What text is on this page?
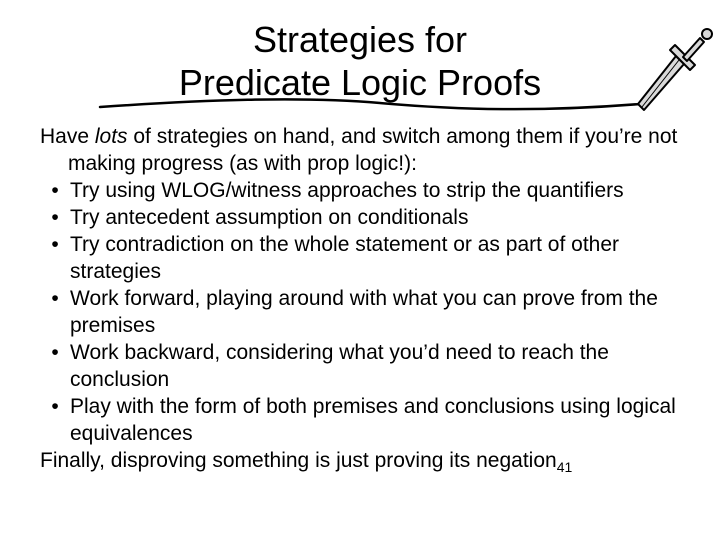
Strategies for
Predicate Logic Proofs

Have lots of strategies on hand, and switch among them if you’re not making progress (as with prop logic!):

• Try using WLOG/witness approaches to strip the quantifiers
• Try antecedent assumption on conditionals
• Try contradiction on the whole statement or as part of other strategies
• Work forward, playing around with what you can prove from the premises
• Work backward, considering what you’d need to reach the conclusion
• Play with the form of both premises and conclusions using logical equivalences

Finally, disproving something is just proving its negation$_{41}$
